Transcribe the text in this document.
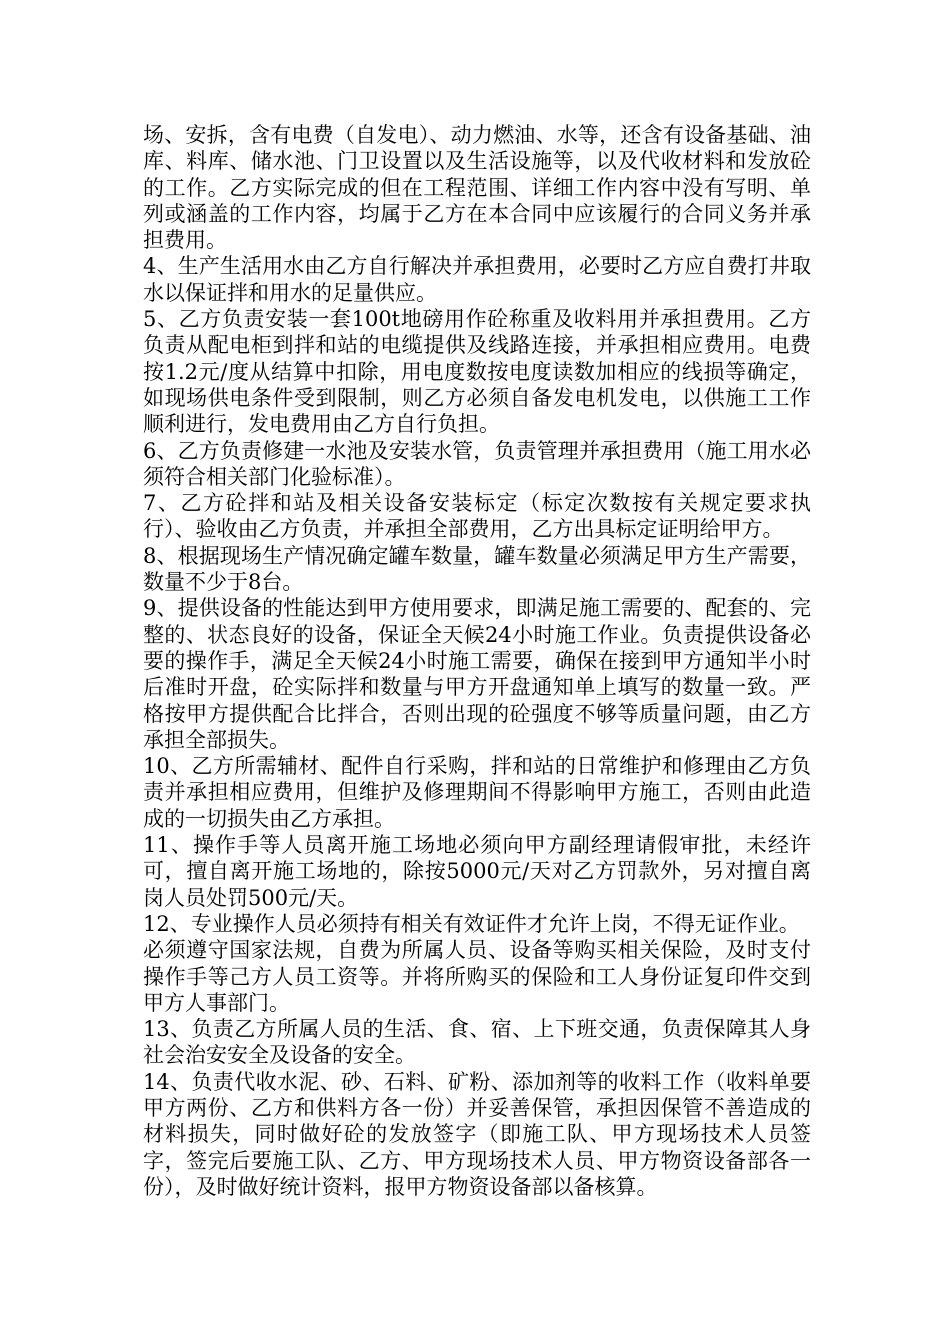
场、安拆，含有电费（自发电）、动力燃油、水等，还含有设备基础、油库、料库、储水池、门卫设置以及生活设施等，以及代收材料和发放砼的工作。乙方实际完成的但在工程范围、详细工作内容中没有写明、单列或涵盖的工作内容，均属于乙方在本合同中应该履行的合同义务并承担费用。

4、生产生活用水由乙方自行解决并承担费用，必要时乙方应自费打井取水以保证拌和用水的足量供应。

5、乙方负责安装一套100t地磅用作砼称重及收料用并承担费用。乙方负责从配电柜到拌和站的电缆提供及线路连接，并承担相应费用。电费按1.2元/度从结算中扣除，用电度数按电度读数加相应的线损等确定，如现场供电条件受到限制，则乙方必须自备发电机发电，以供施工工作顺利进行，发电费用由乙方自行负担。

6、乙方负责修建一水池及安装水管，负责管理并承担费用（施工用水必须符合相关部门化验标准）。

7、乙方砼拌和站及相关设备安装标定（标定次数按有关规定要求执行）、验收由乙方负责，并承担全部费用，乙方出具标定证明给甲方。

8、根据现场生产情况确定罐车数量，罐车数量必须满足甲方生产需要，数量不少于8台。

9、提供设备的性能达到甲方使用要求，即满足施工需要的、配套的、完整的、状态良好的设备，保证全天候24小时施工作业。负责提供设备必要的操作手，满足全天候24小时施工需要，确保在接到甲方通知半小时后准时开盘，砼实际拌和数量与甲方开盘通知单上填写的数量一致。严格按甲方提供配合比拌合，否则出现的砼强度不够等质量问题，由乙方承担全部损失。

10、乙方所需辅材、配件自行采购，拌和站的日常维护和修理由乙方负责并承担相应费用，但维护及修理期间不得影响甲方施工，否则由此造成的一切损失由乙方承担。

11、操作手等人员离开施工场地必须向甲方副经理请假审批，未经许可，擅自离开施工场地的，除按5000元/天对乙方罚款外，另对擅自离岗人员处罚500元/天。

12、专业操作人员必须持有相关有效证件才允许上岗，不得无证作业。

必须遵守国家法规，自费为所属人员、设备等购买相关保险，及时支付操作手等己方人员工资等。并将所购买的保险和工人身份证复印件交到甲方人事部门。

13、负责乙方所属人员的生活、食、宿、上下班交通，负责保障其人身社会治安安全及设备的安全。

14、负责代收水泥、砂、石料、矿粉、添加剂等的收料工作（收料单要甲方两份、乙方和供料方各一份）并妥善保管，承担因保管不善造成的材料损失，同时做好砼的发放签字（即施工队、甲方现场技术人员签字，签完后要施工队、乙方、甲方现场技术人员、甲方物资设备部各一份），及时做好统计资料，报甲方物资设备部以备核算。
